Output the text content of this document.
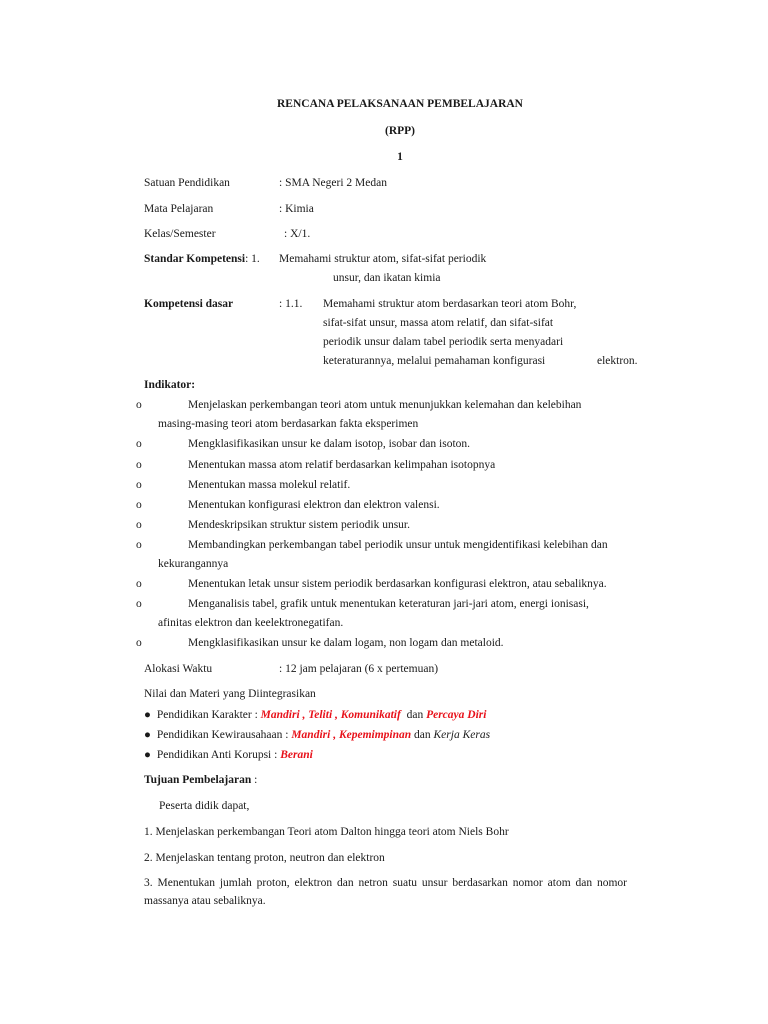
RENCANA PELAKSANAAN PEMBELAJARAN
(RPP)
1
Satuan Pendidikan	: SMA Negeri 2 Medan
Mata Pelajaran	: Kimia
Kelas/Semester	: X/1.
Standar Kompetensi: 1. Memahami struktur atom, sifat-sifat periodik
unsur, dan ikatan kimia
Kompetensi dasar	: 1.1. Memahami struktur atom berdasarkan teori atom Bohr,
sifat-sifat unsur, massa atom relatif, dan sifat-sifat
periodik unsur dalam tabel periodik serta menyadari
keteraturannya, melalui pemahaman konfigurasi	elektron.
Indikator:
o	Menjelaskan perkembangan teori atom untuk menunjukkan kelemahan dan kelebihan
masing-masing teori atom berdasarkan fakta eksperimen
o	Mengklasifikasikan unsur ke dalam isotop, isobar dan isoton.
o	Menentukan massa atom relatif berdasarkan kelimpahan isotopnya
o	Menentukan massa molekul relatif.
o	Menentukan konfigurasi elektron dan elektron valensi.
o	Mendeskripsikan struktur sistem periodik unsur.
o	Membandingkan perkembangan tabel periodik unsur untuk mengidentifikasi kelebihan dan
kekurangannya
o	Menentukan letak unsur sistem periodik berdasarkan konfigurasi elektron, atau sebaliknya.
o	Menganalisis tabel, grafik untuk menentukan keteraturan jari-jari atom, energi ionisasi,
afinitas elektron dan keelektronegatifan.
o	Mengklasifikasikan unsur ke dalam logam, non logam dan metaloid.
Alokasi Waktu	: 12 jam pelajaran (6 x pertemuan)
Nilai dan Materi yang Diintegrasikan
● Pendidikan Karakter : Mandiri , Teliti , Komunikatif dan Percaya Diri
● Pendidikan Kewirausahaan : Mandiri , Kepemimpinan dan Kerja Keras
● Pendidikan Anti Korupsi : Berani
Tujuan Pembelajaran :
Peserta didik dapat,
1. Menjelaskan perkembangan Teori atom Dalton hingga teori atom Niels Bohr
2. Menjelaskan tentang proton, neutron dan elektron
3. Menentukan jumlah proton, elektron dan netron suatu unsur berdasarkan nomor atom dan nomor
massanya atau sebaliknya.
